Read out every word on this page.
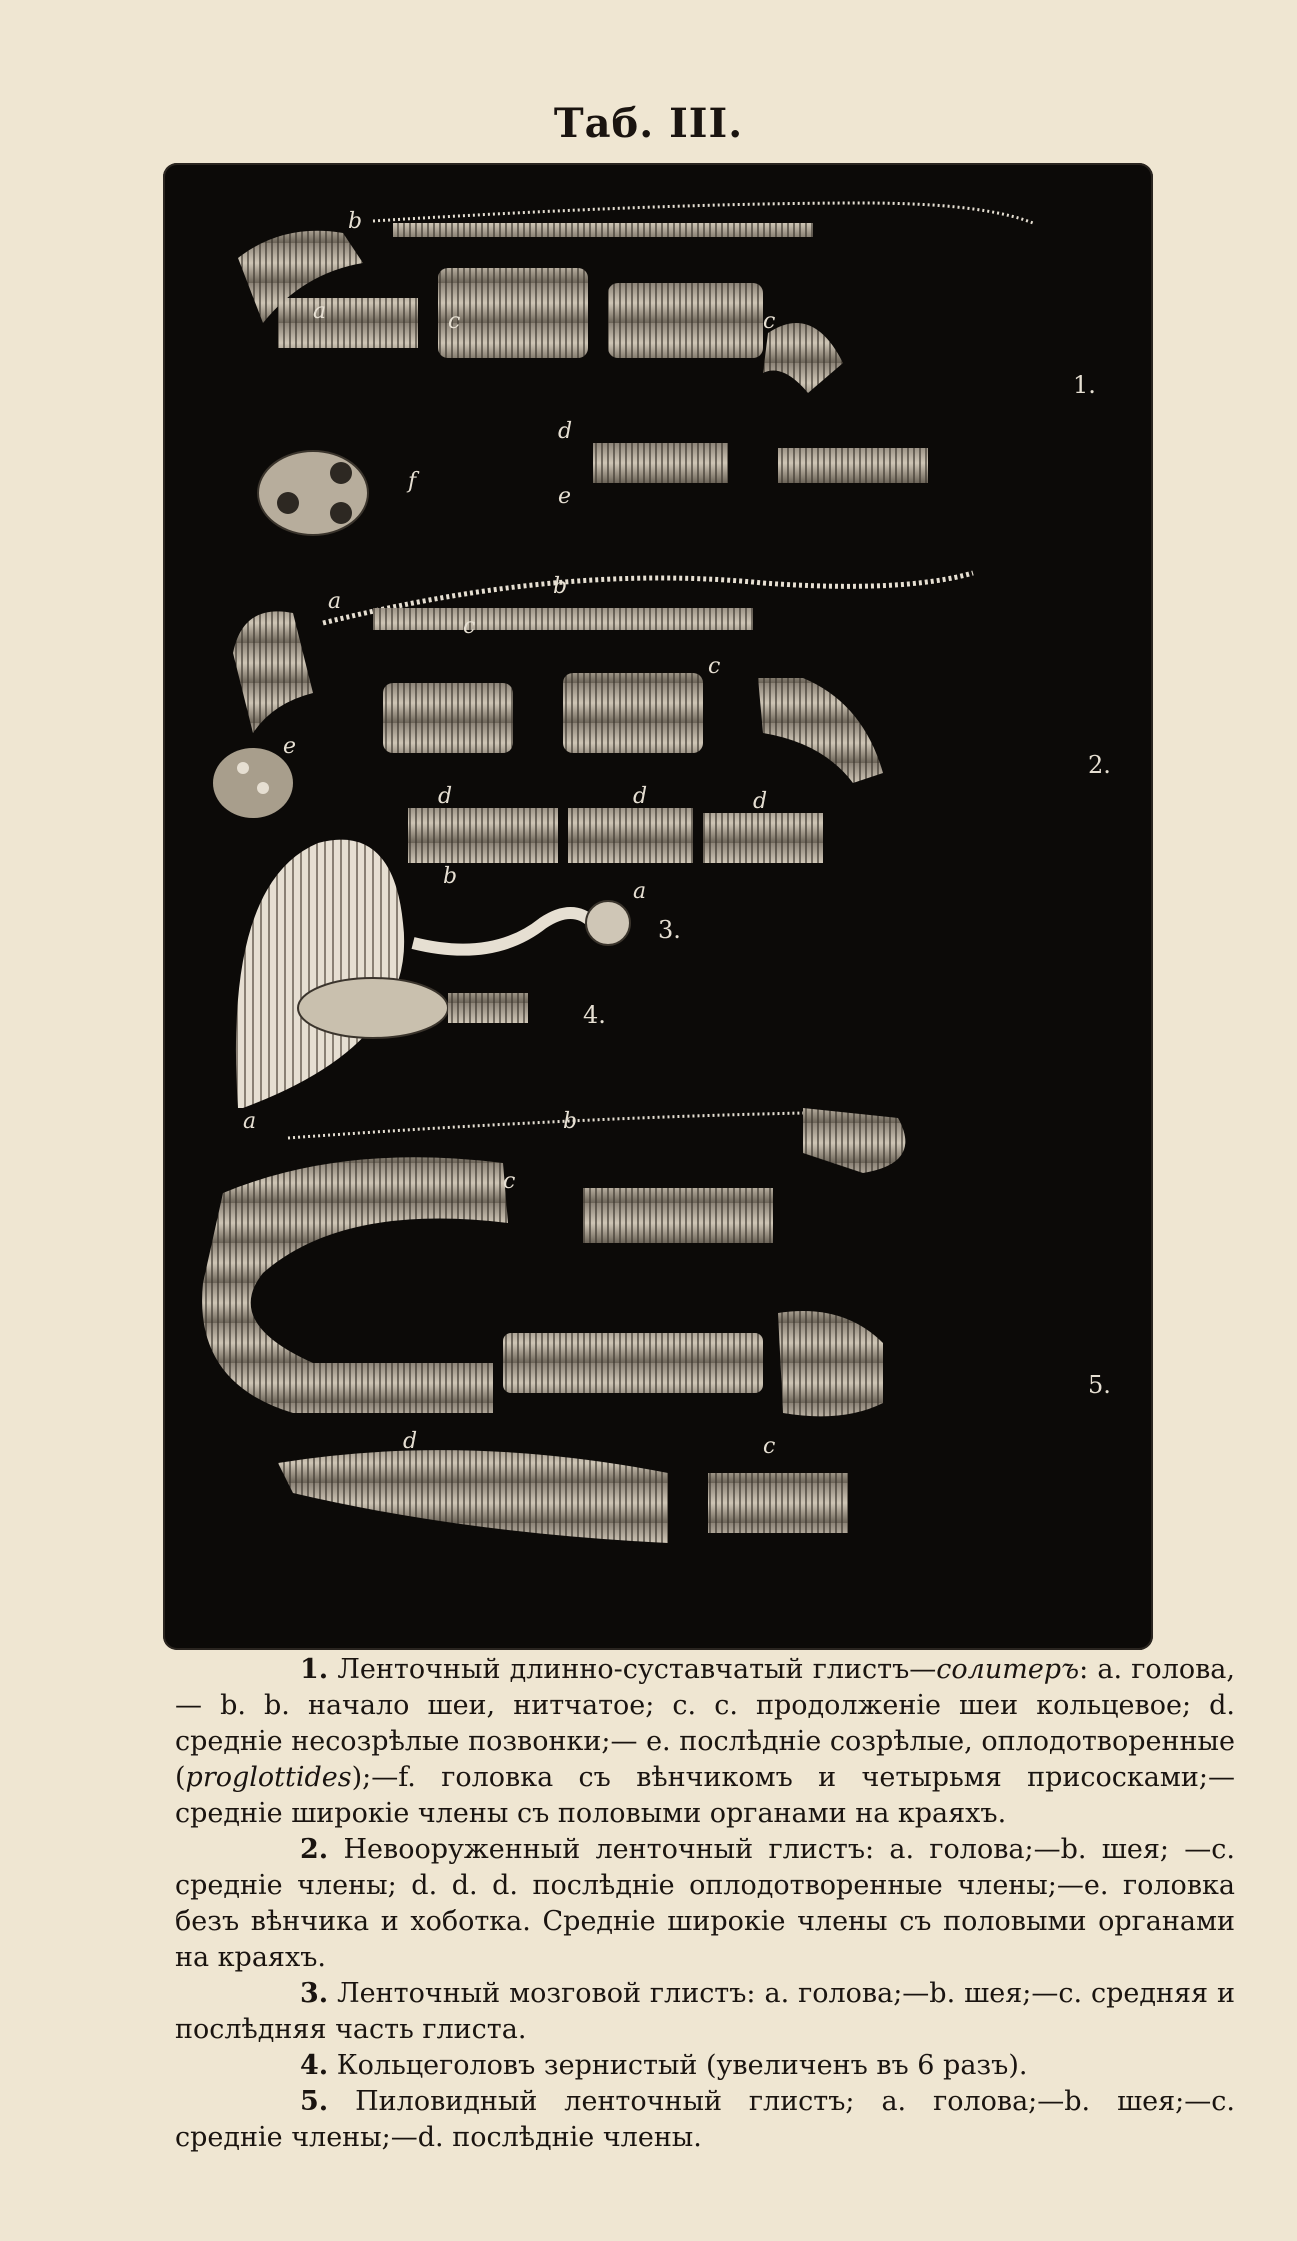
Таб. III.
1.
2.
3.
4.
5.
a
b
c	c
d
e
f
a
b
c
c
d	d	d
e
a
b
a	b
c
c
d

1. Ленточный длинно-суставчатый глистъ—солитеръ: a. голова,— b. b. начало шеи, нитчатое; c. c. продолженіе шеи кольцевое; d. средніе несозрѣлые позвонки;— e. послѣдніе созрѣлые, оплодотворенные (proglottides);—f. головка съ вѣнчикомъ и четырьмя присосками;— средніе широкіе члены съ половыми органами на краяхъ.

2. Невооруженный ленточный глистъ: a. голова;—b. шея; —c. средніе члены; d. d. d. послѣдніе оплодотворенные члены;—e. головка безъ вѣнчика и хоботка. Средніе широкіе члены съ половыми органами на краяхъ.

3. Ленточный мозговой глистъ: a. голова;—b. шея;—c. средняя и послѣдняя часть глиста.

4. Кольцеголовъ зернистый (увеличенъ въ 6 разъ).

5. Пиловидный ленточный глистъ; a. голова;—b. шея;—c. средніе члены;—d. послѣдніе члены.
